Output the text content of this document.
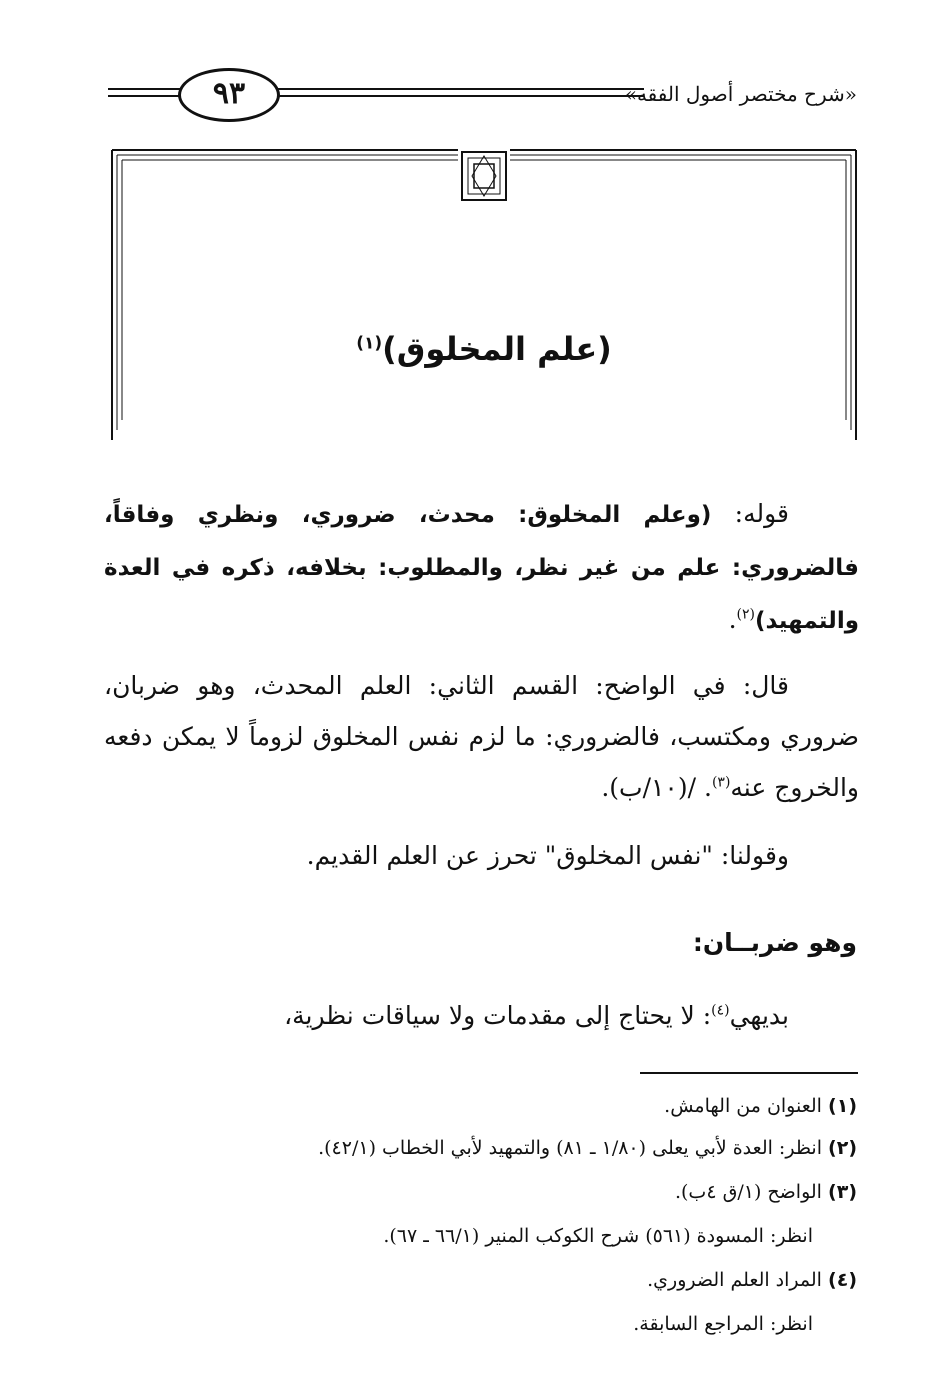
٩٣	«شرح مختصر أصول الفقه»
(علم المخلوق)$^{(١)}$
قوله: (وعلم المخلوق: محدث، ضروري، ونظري وفاقاً، فالضروري: علم من غير نظر، والمطلوب: بخلافه، ذكره في العدة والتمهيد)$^{(٢)}$.
قال: في الواضح: القسم الثاني: العلم المحدث، وهو ضربان، ضروري ومكتسب، فالضروري: ما لزم نفس المخلوق لزوماً لا يمكن دفعه والخروج عنه$^{(٣)}$. /(١٠/ب).
وقولنا: "نفس المخلوق" تحرز عن العلم القديم.
وهو ضربــان:
بديهي$^{(٤)}$: لا يحتاج إلى مقدمات ولا سياقات نظرية،
(١) العنوان من الهامش.
(٢) انظر: العدة لأبي يعلى (١/٨٠ ـ ٨١) والتمهيد لأبي الخطاب (٤٢/١).
(٣) الواضح (١/ق ٤ب).
انظر: المسودة (٥٦١) شرح الكوكب المنير (٦٦/١ ـ ٦٧).
(٤) المراد العلم الضروري.
انظر: المراجع السابقة.
